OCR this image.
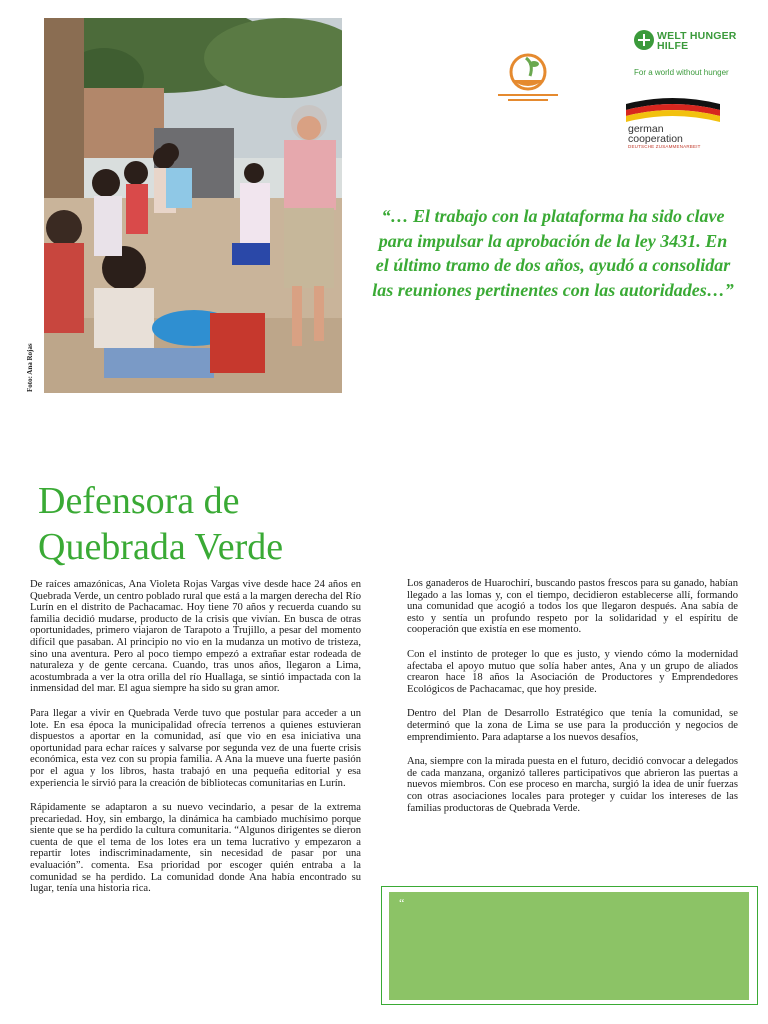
Foto: Ana Rojas
WELT HUNGER HILFE
For a world without hunger
german
cooperation
DEUTSCHE ZUSAMMENARBEIT

“… El trabajo con la plataforma ha sido clave para impulsar la aprobación de la ley 3431. En el último tramo de dos años, ayudó a consolidar las reuniones pertinentes con las autoridades…”

Defensora de
Quebrada Verde

De raíces amazónicas, Ana Violeta Rojas Vargas vive desde hace 24 años en Quebrada Verde, un centro poblado rural que está a la margen derecha del Río Lurín en el distrito de Pachacamac. Hoy tiene 70 años y recuerda cuando su familia decidió mudarse, producto de la crisis que vivían. En busca de otras oportunidades, primero viajaron de Tarapoto a Trujillo, a pesar del momento difícil que pasaban. Al principio no vio en la mudanza un motivo de tristeza, sino una aventura. Pero al poco tiempo empezó a extrañar estar rodeada de naturaleza y de gente cercana. Cuando, tras unos años, llegaron a Lima, acostumbrada a ver la otra orilla del río Huallaga, se sintió impactada con la inmensidad del mar. El agua siempre ha sido su gran amor.

Para llegar a vivir en Quebrada Verde tuvo que postular para acceder a un lote. En esa época la municipalidad ofrecía terrenos a quienes estuvieran dispuestos a aportar en la comunidad, así que vio en esa iniciativa una oportunidad para echar raíces y salvarse por segunda vez de una fuerte crisis económica, esta vez con su propia familia. A Ana la mueve una fuerte pasión por el agua y los libros, hasta trabajó en una pequeña editorial y esa experiencia le sirvió para la creación de bibliotecas comunitarias en Lurín.

Rápidamente se adaptaron a su nuevo vecindario, a pesar de la extrema precariedad. Hoy, sin embargo, la dinámica ha cambiado muchísimo porque siente que se ha perdido la cultura comunitaria. “Algunos dirigentes se dieron cuenta de que el tema de los lotes era un tema lucrativo y empezaron a repartir lotes indiscriminadamente, sin necesidad de pasar por una evaluación”. comenta. Esa prioridad por escoger quién entraba a la comunidad se ha perdido. La comunidad donde Ana había encontrado su lugar, tenía una historia rica.

Los ganaderos de Huarochirí, buscando pastos frescos para su ganado, habían llegado a las lomas y, con el tiempo, decidieron establecerse allí, formando una comunidad que acogió a todos los que llegaron después. Ana sabía de esto y sentía un profundo respeto por la solidaridad y el espíritu de cooperación que existía en ese momento.

Con el instinto de proteger lo que es justo, y viendo cómo la modernidad afectaba el apoyo mutuo que solía haber antes, Ana y un grupo de aliados crearon hace 18 años la Asociación de Productores y Emprendedores Ecológicos de Pachacamac, que hoy preside.

Dentro del Plan de Desarrollo Estratégico que tenía la comunidad, se determinó que la zona de Lima se use para la producción y negocios de emprendimiento. Para adaptarse a los nuevos desafíos,

Ana, siempre con la mirada puesta en el futuro, decidió convocar a delegados de cada manzana, organizó talleres participativos que abrieron las puertas a nuevos miembros. Con ese proceso en marcha, surgió la idea de unir fuerzas con otras asociaciones locales para proteger y cuidar los intereses de las familias productoras de Quebrada Verde.

“
